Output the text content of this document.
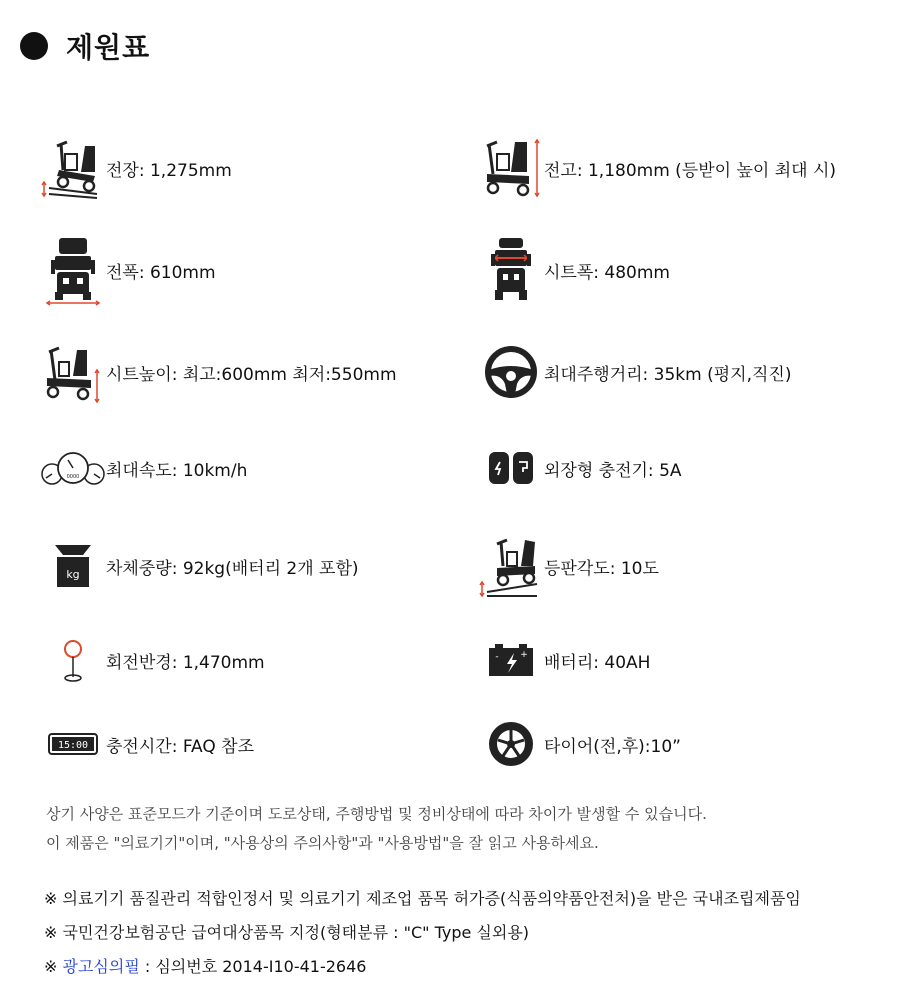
제원표
전장: 1,275mm	전고: 1,180mm (등받이 높이 최대 시)
전폭: 610mm	시트폭: 480mm
시트높이: 최고:600mm 최저:550mm	최대주행거리: 35km (평지,직진)
0000 최대속도: 10km/h	외장형 충전기: 5A
kg 차체중량: 92kg(배터리 2개 포함)	등판각도: 10도
회전반경: 1,470mm	- + 배터리: 40AH
15:00 충전시간: FAQ 참조	타이어(전,후):10”
상기 사양은 표준모드가 기준이며 도로상태, 주행방법 및 정비상태에 따라 차이가 발생할 수 있습니다.
이 제품은 "의료기기"이며, "사용상의 주의사항"과 "사용방법"을 잘 읽고 사용하세요.
※ 의료기기 품질관리 적합인정서 및 의료기기 제조업 품목 허가증(식품의약품안전처)을 받은 국내조립제품임
※ 국민건강보험공단 급여대상품목 지정(형태분류 : "C" Type 실외용)
※ 광고심의필 : 심의번호 2014-I10-41-2646
